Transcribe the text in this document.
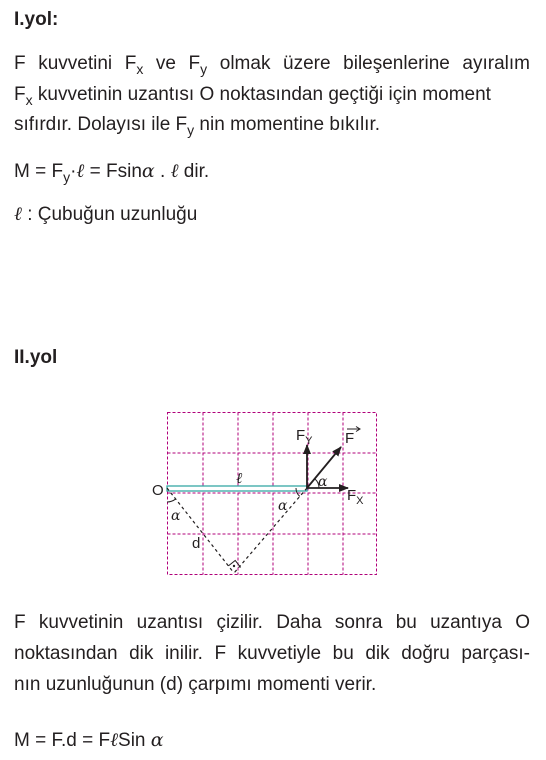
I.yol:
F kuvvetini $F_x$ ve $F_y$ olmak üzere bileşenlerine ayıralım
$F_x$ kuvvetinin uzantısı O noktasından geçtiği için moment
sıfırdır. Dolayısı ile $F_y$ nin momentine bıkılır.
$M = F_y\cdot\ell = Fsin\alpha$ . ℓ dir.
ℓ : Çubuğun uzunluğu
II.yol
O
ℓ	α
α
α
d
$F_Y$ F
$F_X$
F kuvvetinin uzantısı çizilir. Daha sonra bu uzantıya O
noktasından dik inilir. F kuvvetiyle bu dik doğru parçası-
nın uzunluğunun (d) çarpımı momenti verir.
M = F.d = FℓSin α
